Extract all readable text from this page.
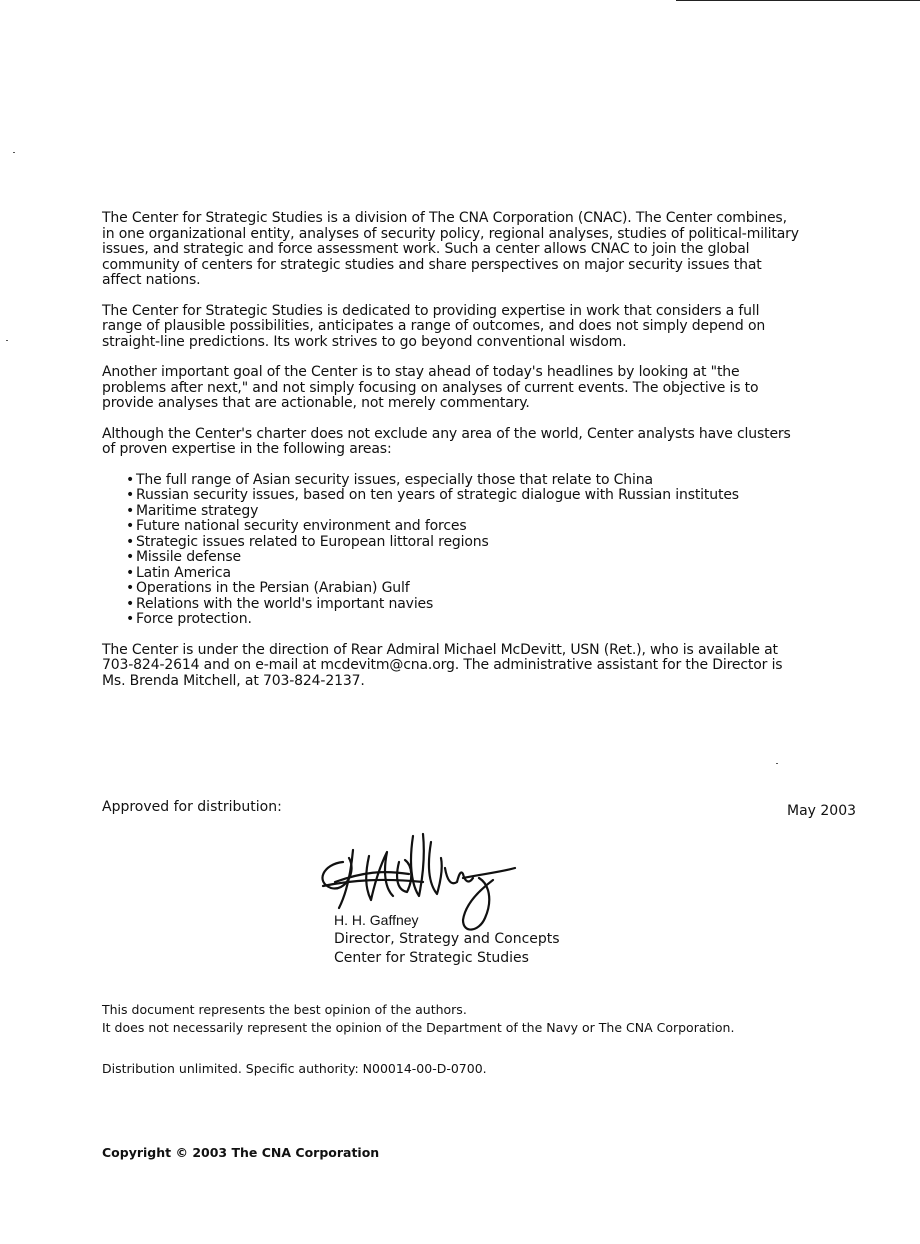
The Center for Strategic Studies is a division of The CNA Corporation (CNAC). The Center combines, in one organizational entity, analyses of security policy, regional analyses, studies of political-military issues, and strategic and force assessment work. Such a center allows CNAC to join the global community of centers for strategic studies and share perspectives on major security issues that affect nations.

The Center for Strategic Studies is dedicated to providing expertise in work that considers a full range of plausible possibilities, anticipates a range of outcomes, and does not simply depend on straight-line predictions. Its work strives to go beyond conventional wisdom.

Another important goal of the Center is to stay ahead of today's headlines by looking at "the problems after next," and not simply focusing on analyses of current events. The objective is to provide analyses that are actionable, not merely commentary.

Although the Center's charter does not exclude any area of the world, Center analysts have clusters of proven expertise in the following areas:

• The full range of Asian security issues, especially those that relate to China
• Russian security issues, based on ten years of strategic dialogue with Russian institutes
• Maritime strategy
• Future national security environment and forces
• Strategic issues related to European littoral regions
• Missile defense
• Latin America
• Operations in the Persian (Arabian) Gulf
• Relations with the world's important navies
• Force protection.

The Center is under the direction of Rear Admiral Michael McDevitt, USN (Ret.), who is available at 703-824-2614 and on e-mail at mcdevitm@cna.org. The administrative assistant for the Director is Ms. Brenda Mitchell, at 703-824-2137.

Approved for distribution:	May 2003
H. H. Gaffney
Director, Strategy and Concepts
Center for Strategic Studies
This document represents the best opinion of the authors.
It does not necessarily represent the opinion of the Department of the Navy or The CNA Corporation.
Distribution unlimited. Specific authority: N00014-00-D-0700.
Copyright © 2003 The CNA Corporation
